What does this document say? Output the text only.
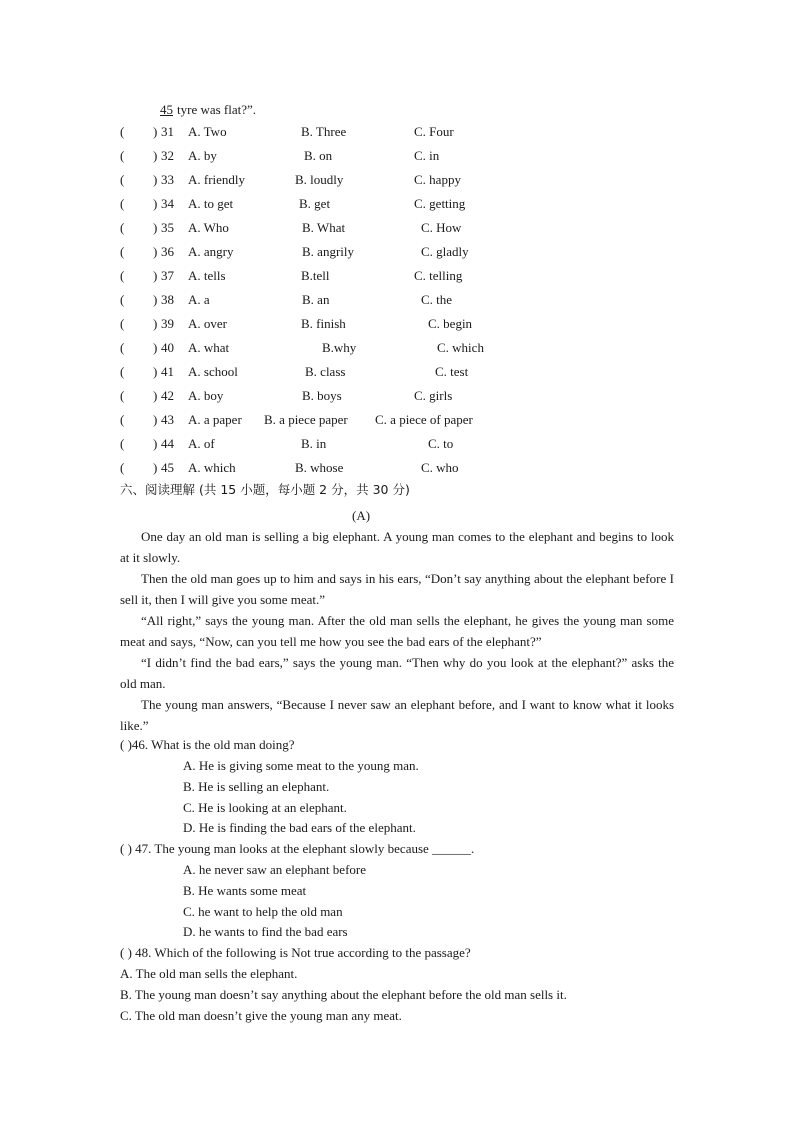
45 tyre was flat?”.
( ) 31 A. Two	B. Three	C. Four
( ) 32 A. by	B. on	C. in
( ) 33 A. friendly	B. loudly	C. happy
( ) 34 A. to get	B. get	C. getting
( ) 35 A. Who	B. What	C. How
( ) 36 A. angry	B. angrily	C. gladly
( ) 37 A. tells	B.tell	C. telling
( ) 38 A. a	B. an	C. the
( ) 39 A. over	B. finish	C. begin
( ) 40 A. what	B.why	C. which
( ) 41 A. school	B. class	C. test
( ) 42 A. boy	B. boys	C. girls
( ) 43 A. a paper B. a piece paper C. a piece of paper
( ) 44 A. of	B. in	C. to
( ) 45 A. which	B. whose	C. who
六、阅读理解 (共 15 小题，每小题 2 分，共 30 分)
(A)

One day an old man is selling a big elephant. A young man comes to the elephant and begins to look at it slowly.

Then the old man goes up to him and says in his ears, “Don’t say anything about the elephant before I sell it, then I will give you some meat.”

“All right,” says the young man. After the old man sells the elephant, he gives the young man some meat and says, “Now, can you tell me how you see the bad ears of the elephant?”

“I didn’t find the bad ears,” says the young man. “Then why do you look at the elephant?” asks the old man.

The young man answers, “Because I never saw an elephant before, and I want to know what it looks like.”

( )46. What is the old man doing?
A. He is giving some meat to the young man.
B. He is selling an elephant.
C. He is looking at an elephant.
D. He is finding the bad ears of the elephant.
( ) 47. The young man looks at the elephant slowly because ______.
A. he never saw an elephant before
B. He wants some meat
C. he want to help the old man
D. he wants to find the bad ears
( ) 48. Which of the following is Not true according to the passage?
A. The old man sells the elephant.
B. The young man doesn’t say anything about the elephant before the old man sells it.
C. The old man doesn’t give the young man any meat.
